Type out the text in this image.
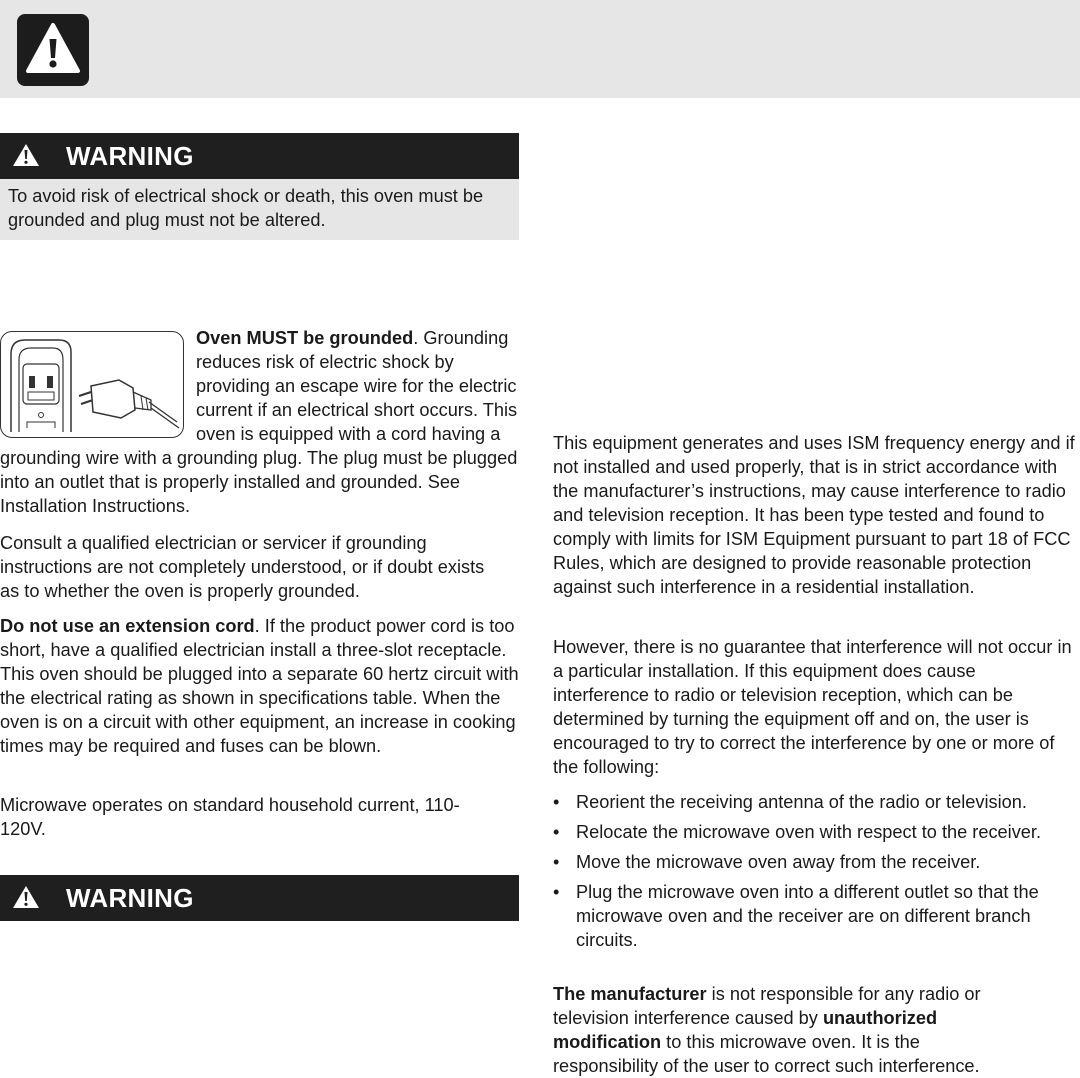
WARNING
To avoid risk of electrical shock or death, this oven must be grounded and plug must not be altered.

Oven MUST be grounded. Grounding reduces risk of electric shock by providing an escape wire for the electric current if an electrical short occurs. This oven is equipped with a cord having a grounding wire with a grounding plug. The plug must be plugged into an outlet that is properly installed and grounded. See Installation Instructions.

Consult a qualified electrician or servicer if grounding instructions are not completely understood, or if doubt exists as to whether the oven is properly grounded.

Do not use an extension cord. If the product power cord is too short, have a qualified electrician install a three-slot receptacle. This oven should be plugged into a separate 60 hertz circuit with the electrical rating as shown in specifications table. When the oven is on a circuit with other equipment, an increase in cooking times may be required and fuses can be blown.

Microwave operates on standard household current, 110-120V.

WARNING

This equipment generates and uses ISM frequency energy and if not installed and used properly, that is in strict accordance with the manufacturer’s instructions, may cause interference to radio and television reception. It has been type tested and found to comply with limits for ISM Equipment pursuant to part 18 of FCC Rules, which are designed to provide reasonable protection against such interference in a residential installation.

However, there is no guarantee that interference will not occur in a particular installation. If this equipment does cause interference to radio or television reception, which can be determined by turning the equipment off and on, the user is encouraged to try to correct the interference by one or more of the following:

• Reorient the receiving antenna of the radio or television.
• Relocate the microwave oven with respect to the receiver.
• Move the microwave oven away from the receiver.
• Plug the microwave oven into a different outlet so that the microwave oven and the receiver are on different branch circuits.

The manufacturer is not responsible for any radio or television interference caused by unauthorized modification to this microwave oven. It is the responsibility of the user to correct such interference.
